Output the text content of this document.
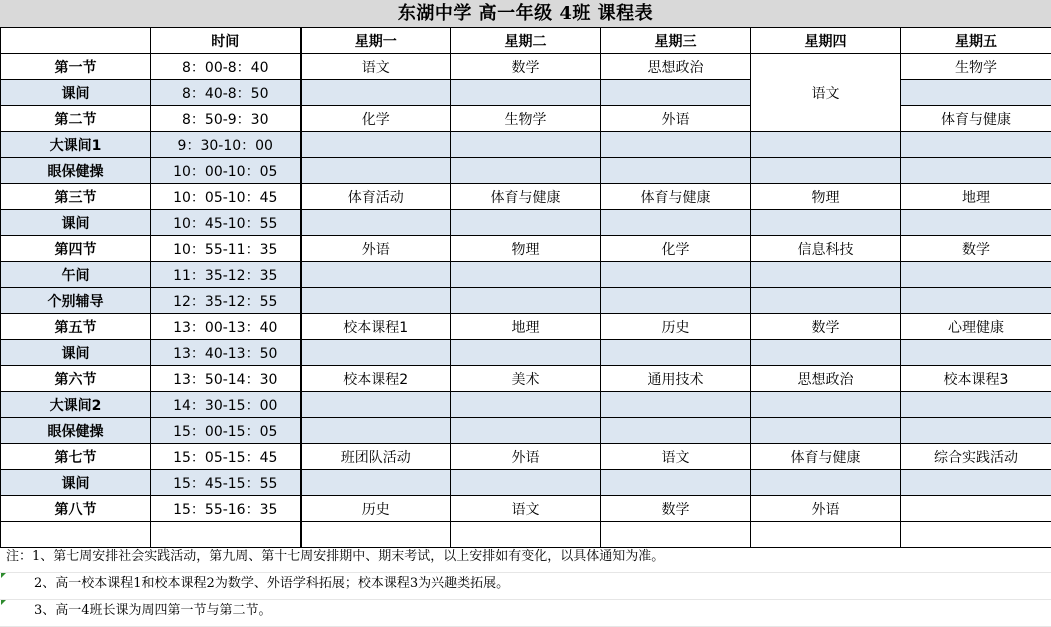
东湖中学 高一年级 4班 课程表
	时间	星期一	星期二	星期三	星期四	星期五
第一节	8：00-8：40	语文	数学	思想政治	语文	生物学
课间	8：40-8：50					
第二节	8：50-9：30	化学	生物学	外语		体育与健康
大课间1	9：30-10：00					
眼保健操	10：00-10：05					
第三节	10：05-10：45	体育活动	体育与健康	体育与健康	物理	地理
课间	10：45-10：55					
第四节	10：55-11：35	外语	物理	化学	信息科技	数学
午间	11：35-12：35					
个别辅导	12：35-12：55					
第五节	13：00-13：40	校本课程1	地理	历史	数学	心理健康
课间	13：40-13：50					
第六节	13：50-14：30	校本课程2	美术	通用技术	思想政治	校本课程3
大课间2	14：30-15：00					
眼保健操	15：00-15：05					
第七节	15：05-15：45	班团队活动	外语	语文	体育与健康	综合实践活动
课间	15：45-15：55					
第八节	15：55-16：35	历史	语文	数学	外语	

注：1、第七周安排社会实践活动，第九周、第十七周安排期中、期末考试，以上安排如有变化，以具体通知为准。
2、高一校本课程1和校本课程2为数学、外语学科拓展；校本课程3为兴趣类拓展。
3、高一4班长课为周四第一节与第二节。
